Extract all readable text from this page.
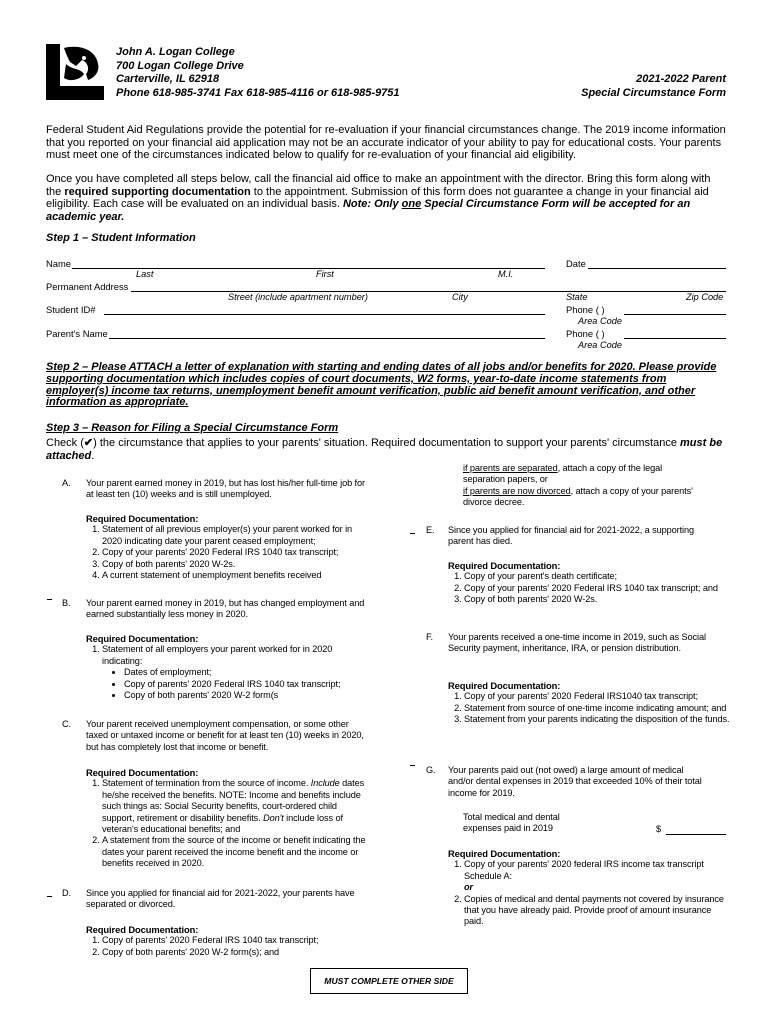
John A. Logan College
700 Logan College Drive
Carterville, IL 62918
Phone 618-985-3741 Fax 618-985-4116 or 618-985-9751
2021-2022 Parent
Special Circumstance Form
Federal Student Aid Regulations provide the potential for re-evaluation if your financial circumstances change. The 2019 income information that you reported on your financial aid application may not be an accurate indicator of your ability to pay for educational costs. Your parents must meet one of the circumstances indicated below to qualify for re-evaluation of your financial aid eligibility.
Once you have completed all steps below, call the financial aid office to make an appointment with the director. Bring this form along with the required supporting documentation to the appointment. Submission of this form does not guarantee a change in your financial aid eligibility. Each case will be evaluated on an individual basis. Note: Only one Special Circumstance Form will be accepted for an academic year.
Step 1 – Student Information
Name
Last	First	M.I.
Date
Permanent Address
Street (include apartment number)	City	State	Zip Code
Student ID#	Phone ( )
Area Code
Parent's Name	Phone ( )
Area Code
Step 2 – Please ATTACH a letter of explanation with starting and ending dates of all jobs and/or benefits for 2020. Please provide supporting documentation which includes copies of court documents, W2 forms, year-to-date income statements from employer(s) income tax returns, unemployment benefit amount verification, public aid benefit amount verification, and other information as appropriate.
Step 3 – Reason for Filing a Special Circumstance Form
Check (✔) the circumstance that applies to your parents' situation. Required documentation to support your parents' circumstance must be attached.
A. Your parent earned money in 2019, but has lost his/her full-time job for at least ten (10) weeks and is still unemployed.
Required Documentation:
1. Statement of all previous employer(s) your parent worked for in 2020 indicating date your parent ceased employment;
2. Copy of your parents' 2020 Federal IRS 1040 tax transcript;
3. Copy of both parents' 2020 W-2s.
4. A current statement of unemployment benefits received
B. Your parent earned money in 2019, but has changed employment and earned substantially less money in 2020.
Required Documentation:
1. Statement of all employers your parent worked for in 2020 indicating:
• Dates of employment;
• Copy of parents' 2020 Federal IRS 1040 tax transcript;
• Copy of both parents' 2020 W-2 form(s
C. Your parent received unemployment compensation, or some other taxed or untaxed income or benefit for at least ten (10) weeks in 2020, but has completely lost that income or benefit.
Required Documentation:
1. Statement of termination from the source of income. Include dates he/she received the benefits. NOTE: Income and benefits include such things as: Social Security benefits, court-ordered child support, retirement or disability benefits. Don't include loss of veteran's educational benefits; and
2. A statement from the source of the income or benefit indicating the dates your parent received the income benefit and the income or benefits received in 2020.
D. Since you applied for financial aid for 2021-2022, your parents have separated or divorced.
Required Documentation:
1. Copy of parents' 2020 Federal IRS 1040 tax transcript;
2. Copy of both parents' 2020 W-2 form(s); and
if parents are separated, attach a copy of the legal separation papers, or
if parents are now divorced, attach a copy of your parents' divorce decree.
E. Since you applied for financial aid for 2021-2022, a supporting parent has died.
Required Documentation:
1. Copy of your parent's death certificate;
2. Copy of your parents' 2020 Federal IRS 1040 tax transcript; and
3. Copy of both parents' 2020 W-2s.
F. Your parents received a one-time income in 2019, such as Social Security payment, inheritance, IRA, or pension distribution.
Required Documentation:
1. Copy of your parents' 2020 Federal IRS1040 tax transcript;
2. Statement from source of one-time income indicating amount; and
3. Statement from your parents indicating the disposition of the funds.
G. Your parents paid out (not owed) a large amount of medical and/or dental expenses in 2019 that exceeded 10% of their total income for 2019.
Total medical and dental expenses paid in 2019	$
Required Documentation:
1. Copy of your parents' 2020 federal IRS income tax transcript Schedule A:
or
2. Copies of medical and dental payments not covered by insurance that you have already paid. Provide proof of amount insurance paid.
MUST COMPLETE OTHER SIDE
